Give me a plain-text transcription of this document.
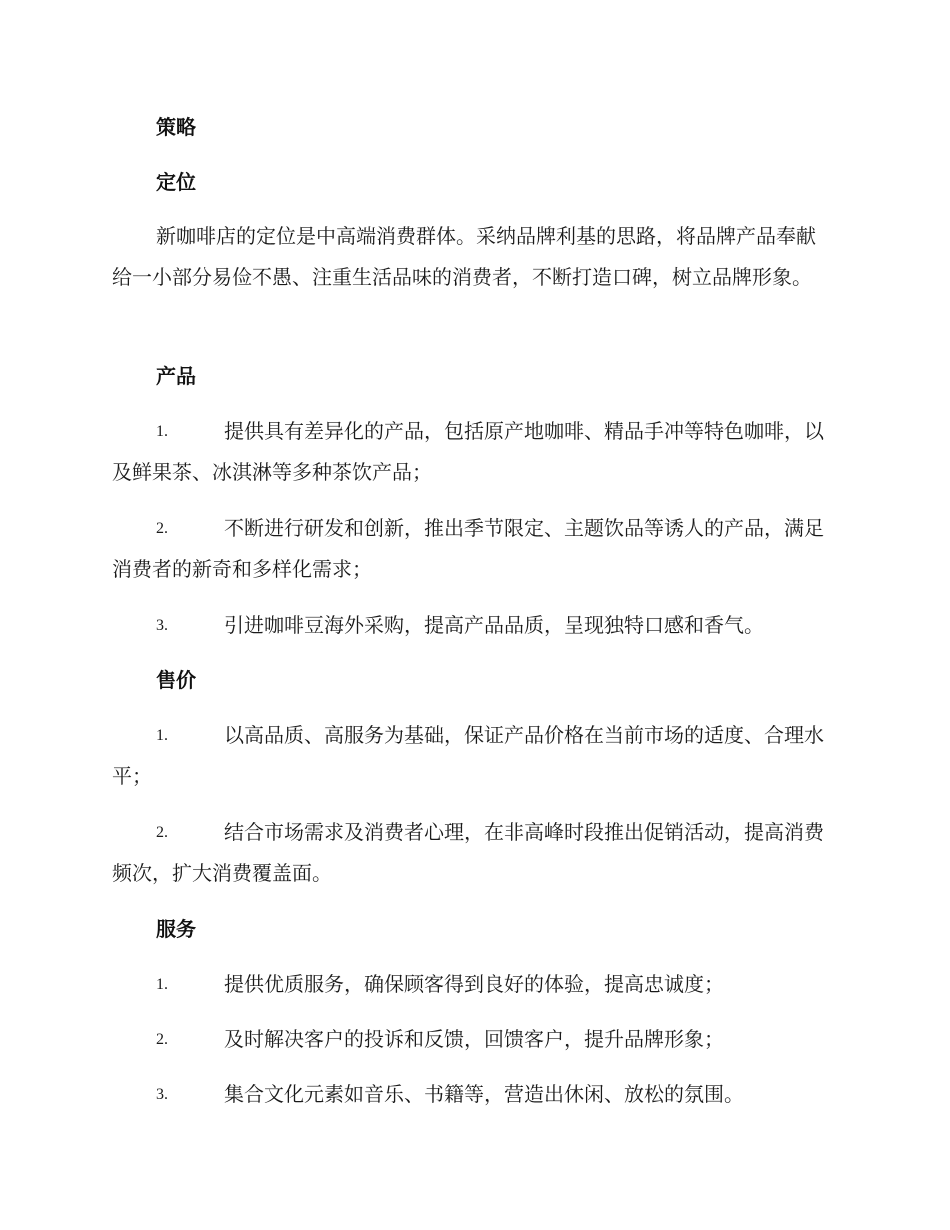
策略
定位
新咖啡店的定位是中高端消费群体。采纳品牌利基的思路，将品牌产品奉献给一小部分易俭不愚、注重生活品味的消费者，不断打造口碑，树立品牌形象。
产品
1.	提供具有差异化的产品，包括原产地咖啡、精品手冲等特色咖啡，以及鲜果茶、冰淇淋等多种茶饮产品；
2.	不断进行研发和创新，推出季节限定、主题饮品等诱人的产品，满足消费者的新奇和多样化需求；
3.	引进咖啡豆海外采购，提高产品品质，呈现独特口感和香气。
售价
1.	以高品质、高服务为基础，保证产品价格在当前市场的适度、合理水平；
2.	结合市场需求及消费者心理，在非高峰时段推出促销活动，提高消费频次，扩大消费覆盖面。
服务
1.	提供优质服务，确保顾客得到良好的体验，提高忠诚度；
2.	及时解决客户的投诉和反馈，回馈客户，提升品牌形象；
3.	集合文化元素如音乐、书籍等，营造出休闲、放松的氛围。
